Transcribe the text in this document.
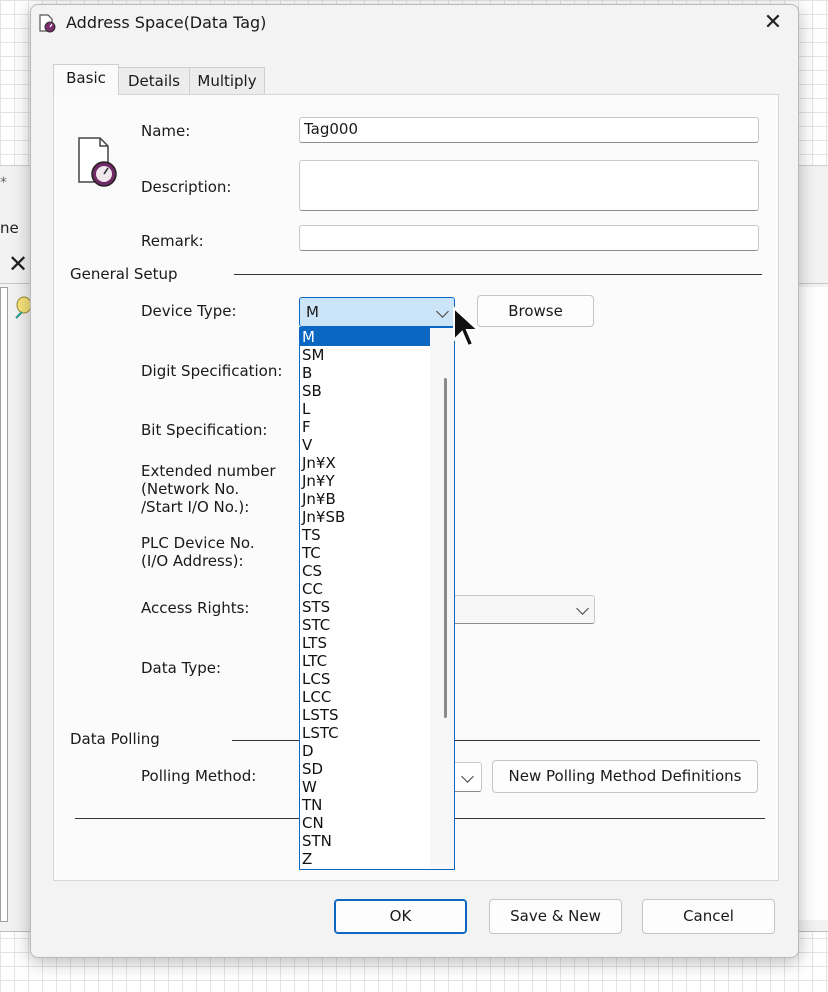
*
ne
✕
Address Space(Data Tag)	✕
Basic	Details	Multiply
Name:	Tag000
Description:
Remark:
General Setup
Device Type:	M	Browse
Digit Specification:
Bit Specification:
Extended number
(Network No.
/Start I/O No.):
PLC Device No.
(I/O Address):
Access Rights:
Data Type:
Data Polling
Polling Method:	New Polling Method Definitions
OK	Save & New	Cancel
M
SM
B
SB
L
F
V
Jn¥X
Jn¥Y
Jn¥B
Jn¥SB
TS
TC
CS
CC
STS
STC
LTS
LTC
LCS
LCC
LSTS
LSTC
D
SD
W
TN
CN
STN
Z
